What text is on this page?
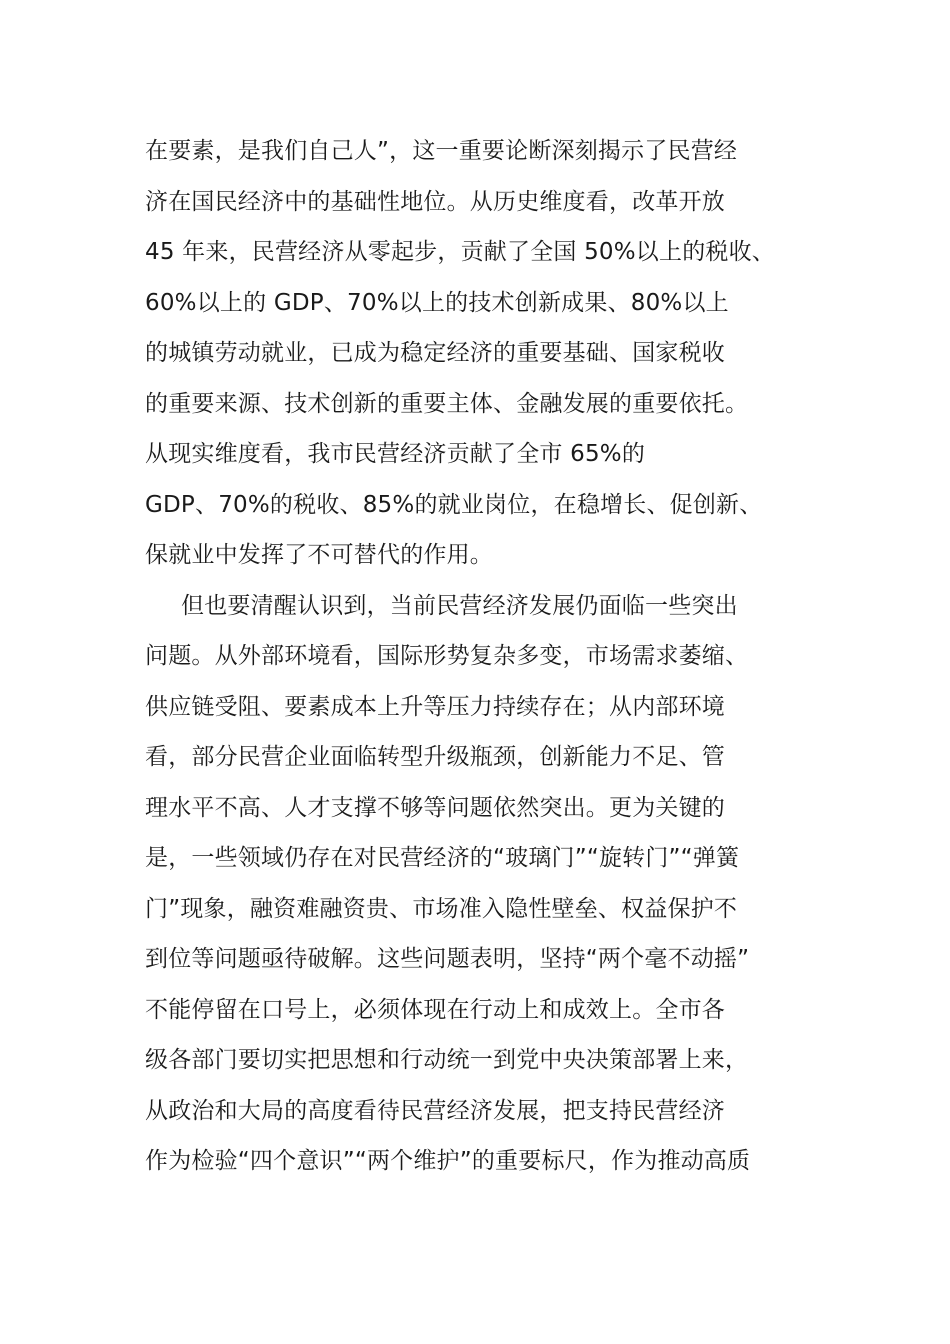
在要素，是我们自己人”，这一重要论断深刻揭示了民营经
济在国民经济中的基础性地位。从历史维度看，改革开放
45 年来，民营经济从零起步，贡献了全国 50%以上的税收、
60%以上的 GDP、70%以上的技术创新成果、80%以上
的城镇劳动就业，已成为稳定经济的重要基础、国家税收
的重要来源、技术创新的重要主体、金融发展的重要依托。
从现实维度看，我市民营经济贡献了全市 65%的
GDP、70%的税收、85%的就业岗位，在稳增长、促创新、
保就业中发挥了不可替代的作用。
但也要清醒认识到，当前民营经济发展仍面临一些突出
问题。从外部环境看，国际形势复杂多变，市场需求萎缩、
供应链受阻、要素成本上升等压力持续存在；从内部环境
看，部分民营企业面临转型升级瓶颈，创新能力不足、管
理水平不高、人才支撑不够等问题依然突出。更为关键的
是，一些领域仍存在对民营经济的“玻璃门”“旋转门”“弹簧
门”现象，融资难融资贵、市场准入隐性壁垒、权益保护不
到位等问题亟待破解。这些问题表明，坚持“两个毫不动摇”
不能停留在口号上，必须体现在行动上和成效上。全市各
级各部门要切实把思想和行动统一到党中央决策部署上来，
从政治和大局的高度看待民营经济发展，把支持民营经济
作为检验“四个意识”“两个维护”的重要标尺，作为推动高质
